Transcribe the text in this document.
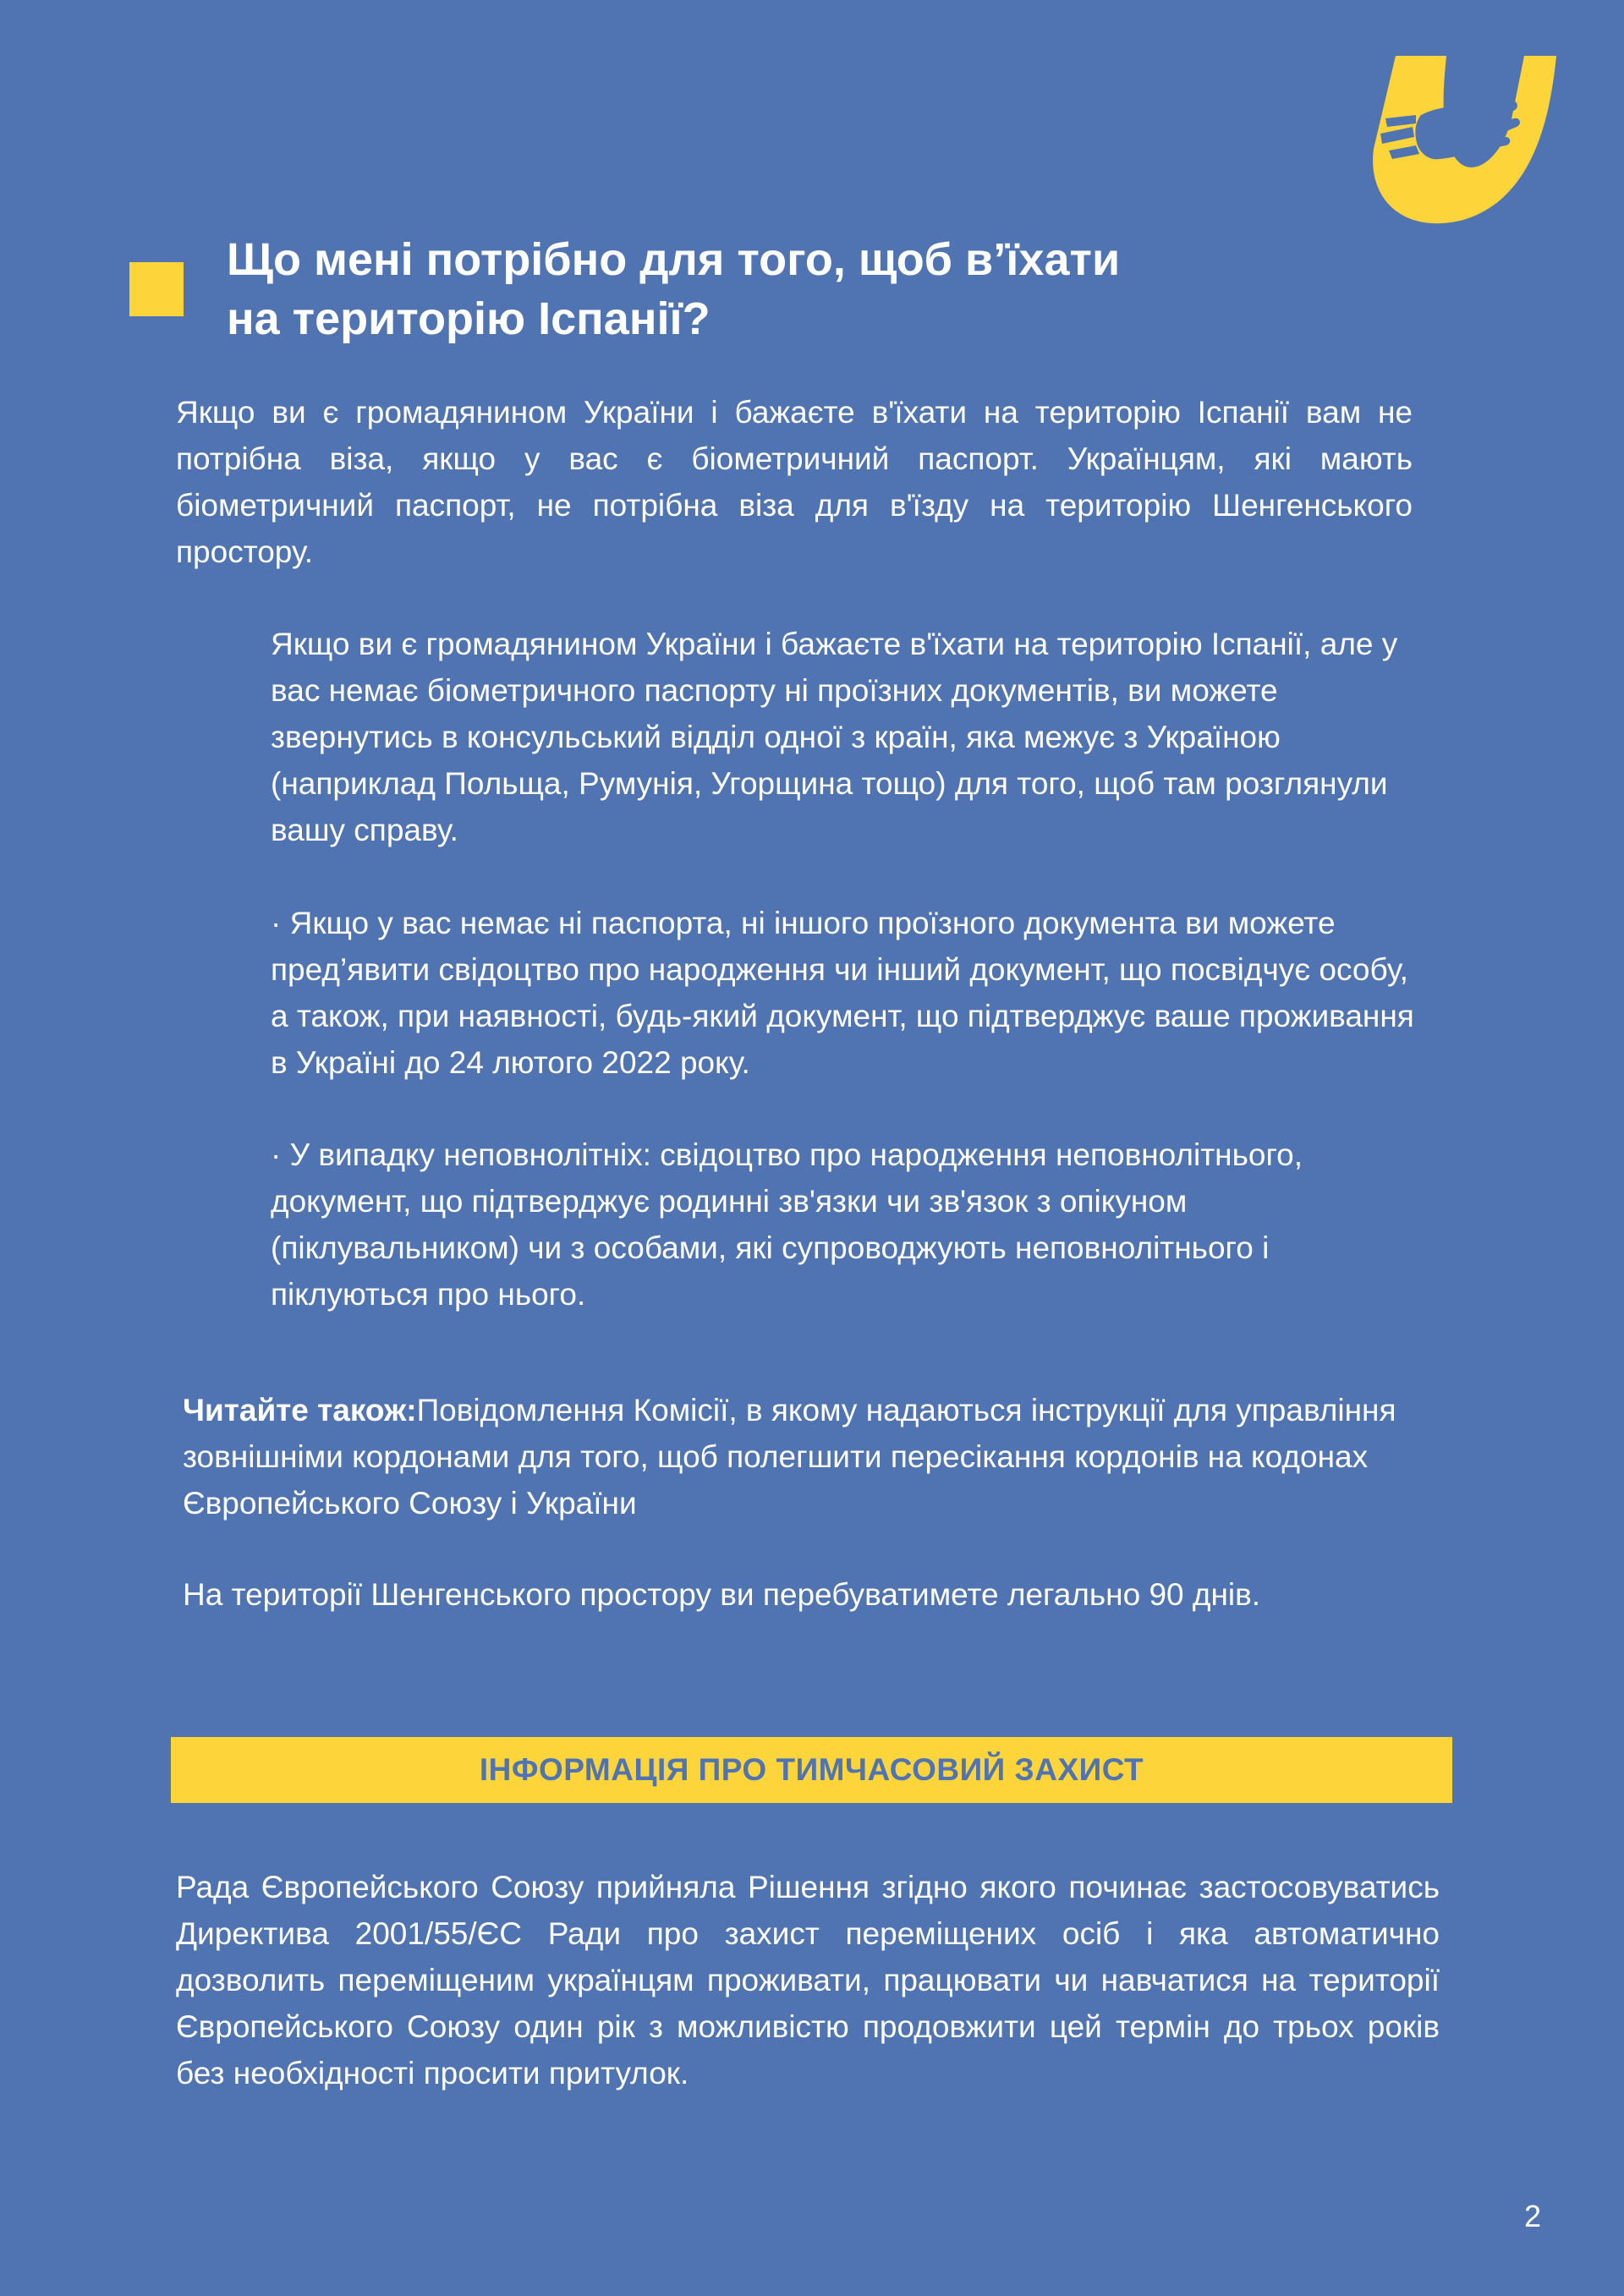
Що мені потрібно для того, щоб в’їхати
на територію Іспанії?

Якщо ви є громадянином України і бажаєте в'їхати на територію Іспанії вам не потрібна віза, якщо у вас є біометричний паспорт. Українцям, які мають біометричний паспорт, не потрібна віза для в'їзду на територію Шенгенського простору.

Якщо ви є громадянином України і бажаєте в'їхати на територію Іспанії, але у вас немає біометричного паспорту ні проїзних документів, ви можете звернутись в консульський відділ одної з країн, яка межує з Україною (наприклад Польща, Румунія, Угорщина тощо) для того, щоб там розглянули вашу справу.

· Якщо у вас немає ні паспорта, ні іншого проїзного документа ви можете пред’явити свідоцтво про народження чи інший документ, що посвідчує особу, а також, при наявності, будь-який документ, що підтверджує ваше проживання в Україні до 24 лютого 2022 року.

· У випадку неповнолітніх: свідоцтво про народження неповнолітнього, документ, що підтверджує родинні зв'язки чи зв'язок з опікуном (піклувальником) чи з особами, які супроводжують неповнолітнього і піклуються про нього.

Читайте також:Повідомлення Комісії, в якому надаються інструкції для управління зовнішніми кордонами для того, щоб полегшити пересікання кордонів на кодонах Європейського Союзу і України

На території Шенгенського простору ви перебуватимете легально 90 днів.

ІНФОРМАЦІЯ ПРО ТИМЧАСОВИЙ ЗАХИСТ

Рада Європейського Союзу прийняла Рішення згідно якого починає застосовуватись Директива 2001/55/ЄС Ради про захист переміщених осіб і яка автоматично дозволить переміщеним українцям проживати, працювати чи навчатися на території Європейського Союзу один рік з можливістю продовжити цей термін до трьох років без необхідності просити притулок.

2
